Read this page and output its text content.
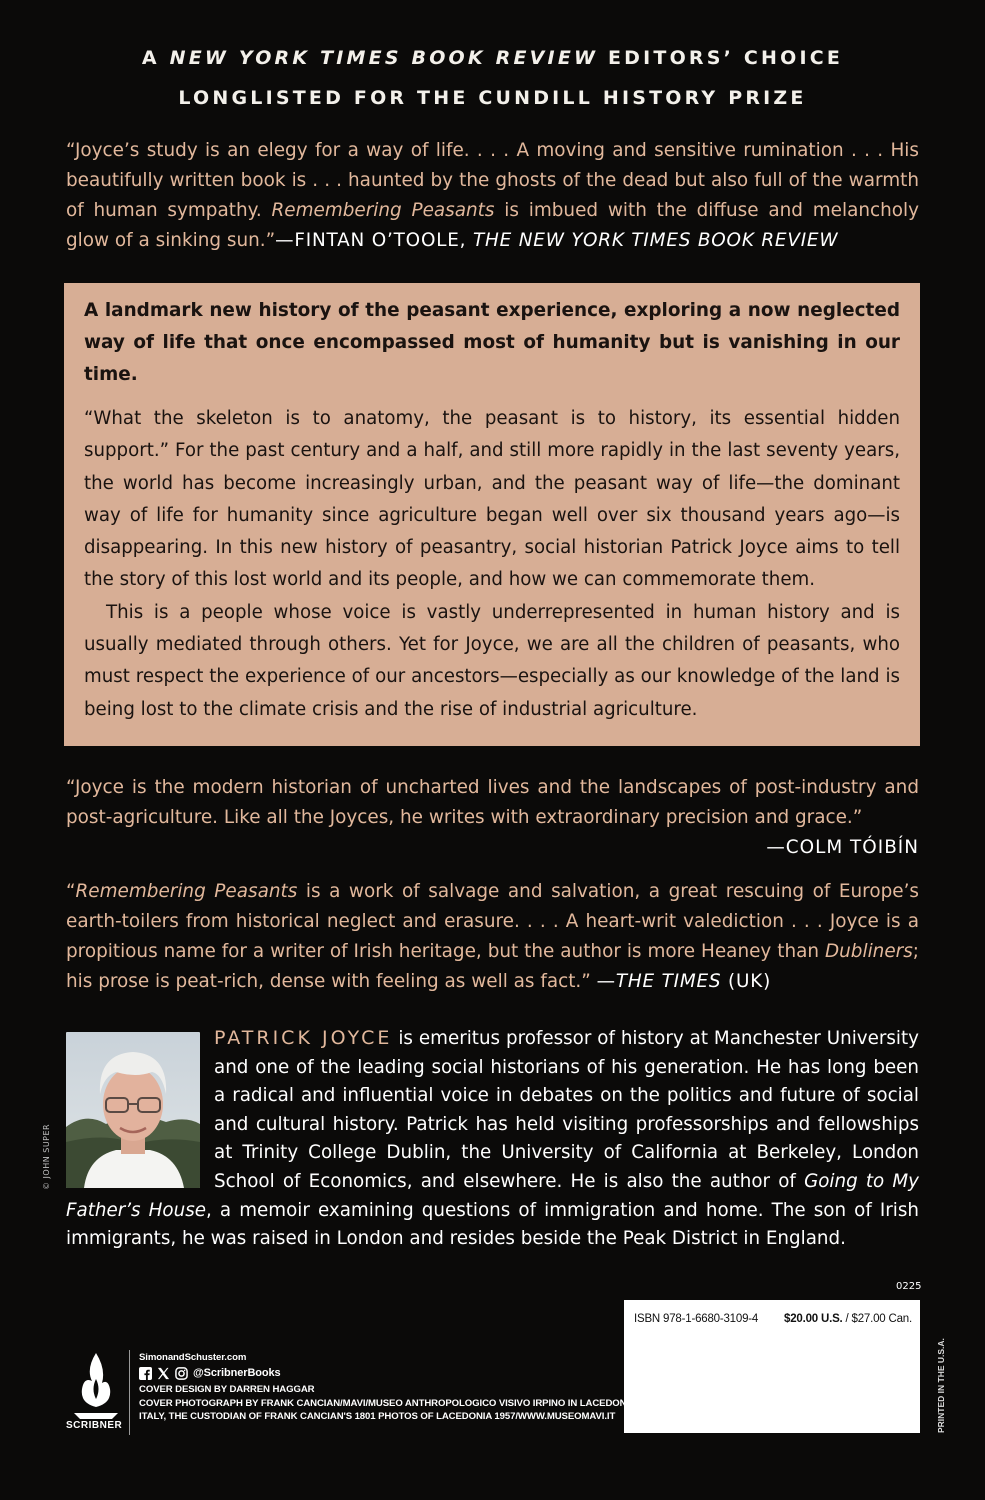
A NEW YORK TIMES BOOK REVIEW EDITORS’ CHOICE
LONGLISTED FOR THE CUNDILL HISTORY PRIZE
“Joyce’s study is an elegy for a way of life. . . . A moving and sensitive rumination . . . His beautifully written book is . . . haunted by the ghosts of the dead but also full of the warmth of human sympathy. Remembering Peasants is imbued with the diffuse and melancholy glow of a sinking sun.”—FINTAN O’TOOLE, THE NEW YORK TIMES BOOK REVIEW
A landmark new history of the peasant experience, exploring a now neglected way of life that once encompassed most of humanity but is vanishing in our time.

“What the skeleton is to anatomy, the peasant is to history, its essential hidden support.” For the past century and a half, and still more rapidly in the last seventy years, the world has become increasingly urban, and the peasant way of life—the dominant way of life for humanity since agriculture began well over six thousand years ago—is disappearing. In this new history of peasantry, social historian Patrick Joyce aims to tell the story of this lost world and its people, and how we can commemorate them.

This is a people whose voice is vastly underrepresented in human history and is usually mediated through others. Yet for Joyce, we are all the children of peasants, who must respect the experience of our ancestors—especially as our knowledge of the land is being lost to the climate crisis and the rise of industrial agriculture.

“Joyce is the modern historian of uncharted lives and the landscapes of post-industry and post-agriculture. Like all the Joyces, he writes with extraordinary precision and grace.”
—COLM TÓIBÍN
“Remembering Peasants is a work of salvage and salvation, a great rescuing of Europe’s earth-toilers from historical neglect and erasure. . . . A heart-writ valediction . . . Joyce is a propitious name for a writer of Irish heritage, but the author is more Heaney than Dubliners; his prose is peat-rich, dense with feeling as well as fact.” —THE TIMES (UK)
© JOHN SUPER
PATRICK JOYCE is emeritus professor of history at Manchester University and one of the leading social historians of his generation. He has long been a radical and influential voice in debates on the politics and future of social and cultural history. Patrick has held visiting professorships and fellowships at Trinity College Dublin, the University of California at Berkeley, London School of Economics, and elsewhere. He is also the author of Going to My Father’s House, a memoir examining questions of immigration and home. The son of Irish immigrants, he was raised in London and resides beside the Peak District in England.
0225
ISBN 978-1-6680-3109-4 $20.00 U.S. / $27.00 Can.
PRINTED IN THE U.S.A.
SCRIBNER
SimonandSchuster.com
@ScribnerBooks
COVER DESIGN BY DARREN HAGGAR
COVER PHOTOGRAPH BY FRANK CANCIAN/MAVI/MUSEO ANTHROPOLOGICO VISIVO IRPINO IN LACEDONIA,
ITALY, THE CUSTODIAN OF FRANK CANCIAN'S 1801 PHOTOS OF LACEDONIA 1957/WWW.MUSEOMAVI.IT
